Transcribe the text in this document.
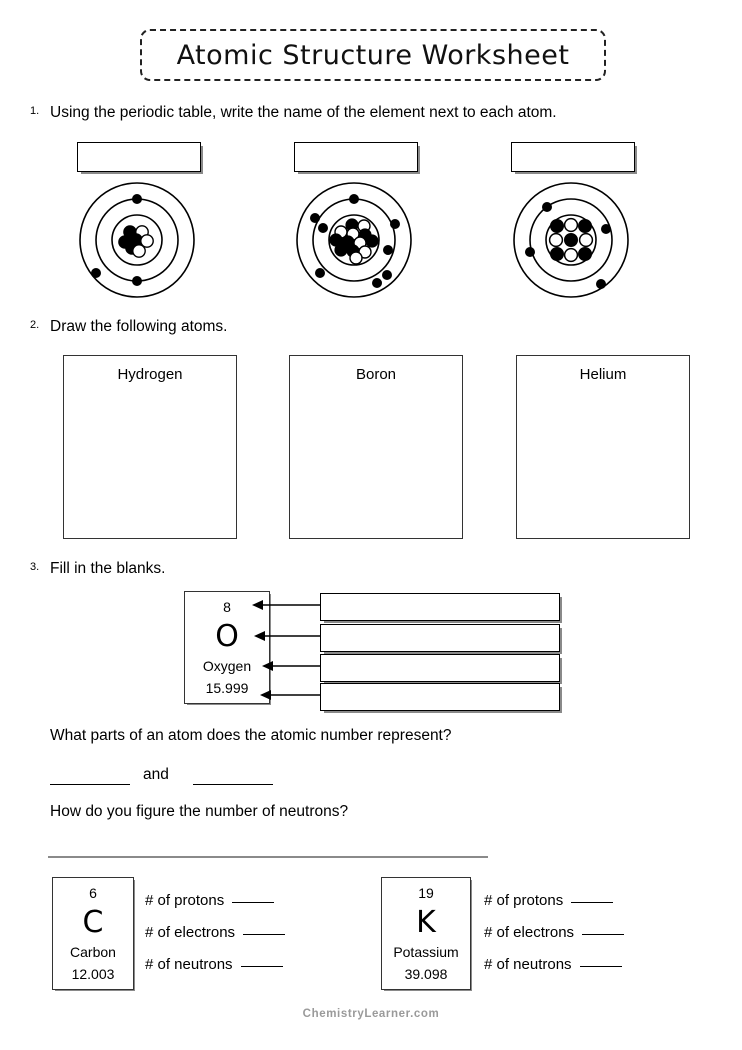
Atomic Structure Worksheet
1. Using the periodic table, write the name of the element next to each atom.
2. Draw the following atoms.
Hydrogen	Boron	Helium
3. Fill in the blanks.
8
O
Oxygen
15.999
What parts of an atom does the atomic number represent?
and
How do you figure the number of neutrons?
6
C
Carbon
12.003
# of protons
# of electrons
# of neutrons
19
K
Potassium
39.098
# of protons
# of electrons
# of neutrons
ChemistryLearner.com
